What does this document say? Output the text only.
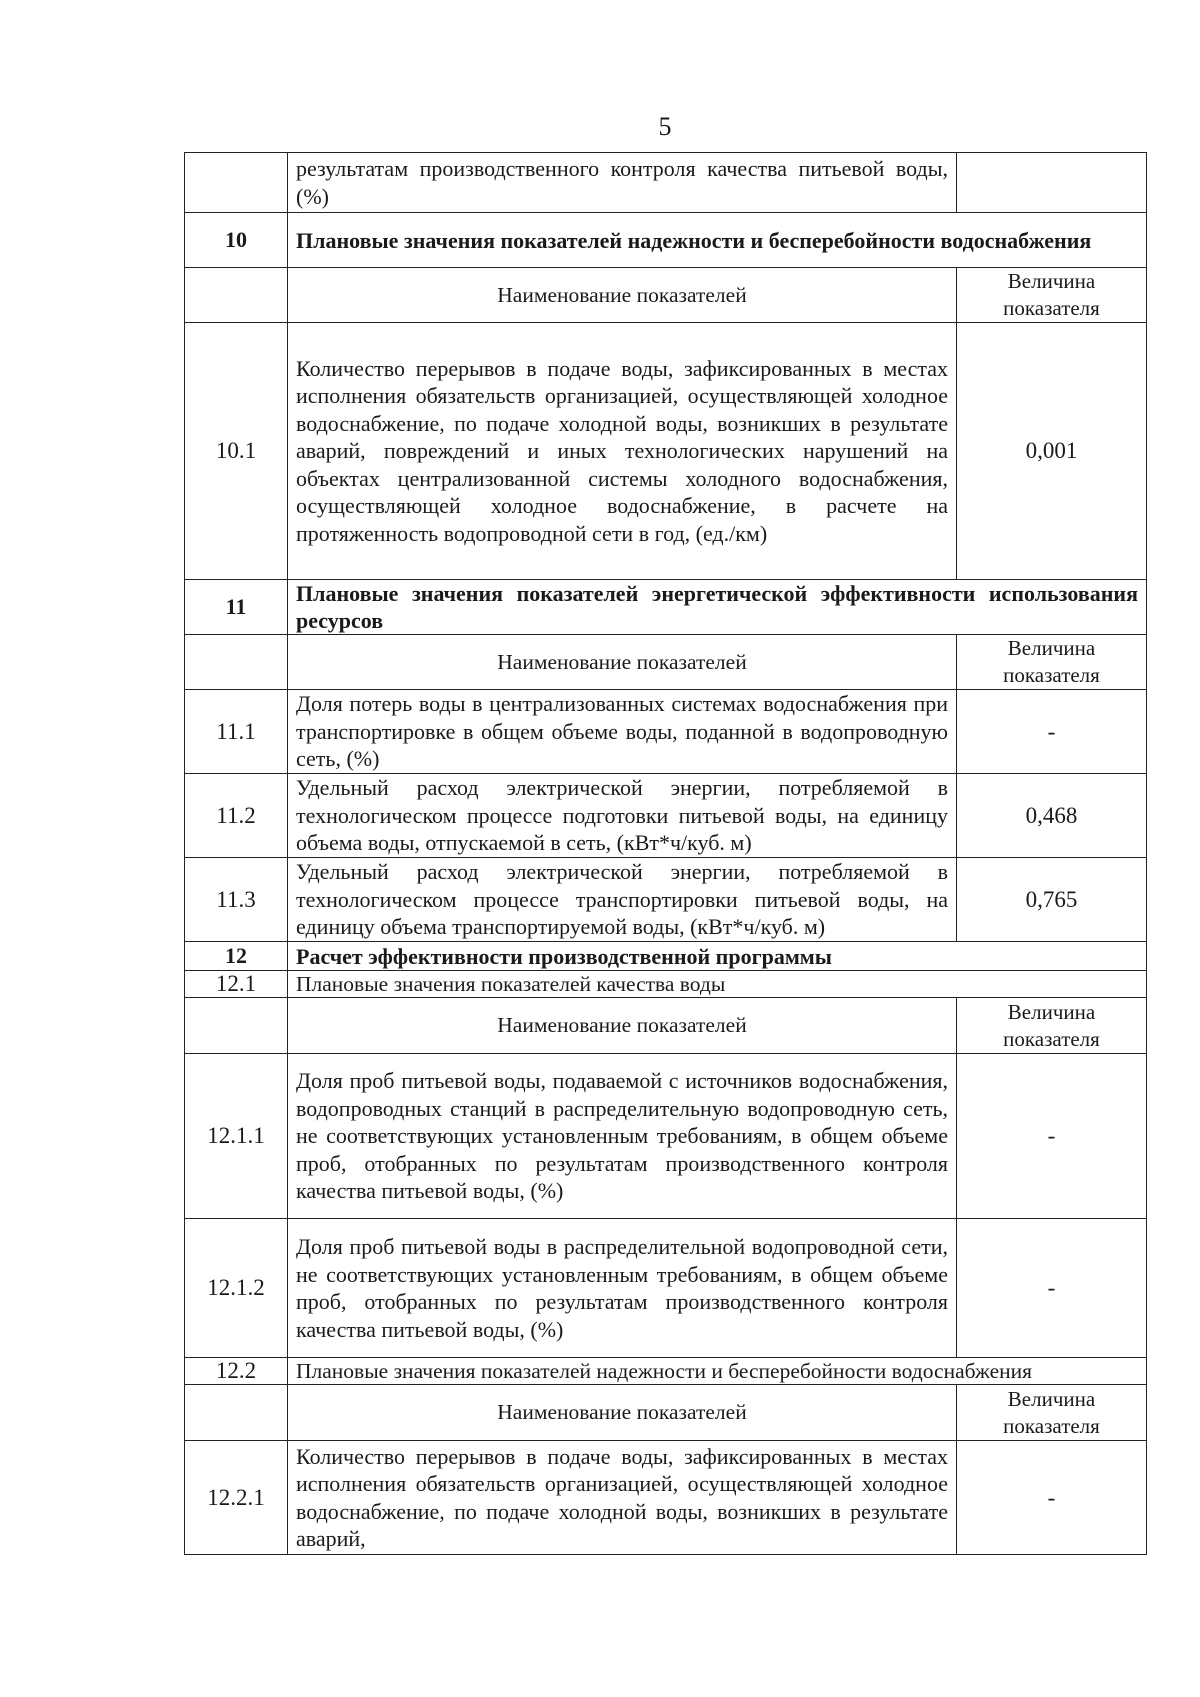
5
	результатам производственного контроля качества питьевой воды, (%)	
10	Плановые значения показателей надежности и бесперебойности водоснабжения	
	Наименование показателей	Величина показателя
10.1	Количество перерывов в подаче воды, зафиксированных в местах исполнения обязательств организацией, осуществляющей холодное водоснабжение, по подаче холодной воды, возникших в результате аварий, повреждений и иных технологических нарушений на объектах централизованной системы холодного водоснабжения, осуществляющей холодное водоснабжение, в расчете на протяженность водопроводной сети в год, (ед./км)	0,001
11	Плановые значения показателей энергетической эффективности использования ресурсов	
	Наименование показателей	Величина показателя
11.1	Доля потерь воды в централизованных системах водоснабжения при транспортировке в общем объеме воды, поданной в водопроводную сеть, (%)	-
11.2	Удельный расход электрической энергии, потребляемой в технологическом процессе подготовки питьевой воды, на единицу объема воды, отпускаемой в сеть, (кВт*ч/куб. м)	0,468
11.3	Удельный расход электрической энергии, потребляемой в технологическом процессе транспортировки питьевой воды, на единицу объема транспортируемой воды, (кВт*ч/куб. м)	0,765
12	Расчет эффективности производственной программы	
12.1	Плановые значения показателей качества воды	
	Наименование показателей	Величина показателя
12.1.1	Доля проб питьевой воды, подаваемой с источников водоснабжения, водопроводных станций в распределительную водопроводную сеть, не соответствующих установленным требованиям, в общем объеме проб, отобранных по результатам производственного контроля качества питьевой воды, (%)	-
12.1.2	Доля проб питьевой воды в распределительной водопроводной сети, не соответствующих установленным требованиям, в общем объеме проб, отобранных по результатам производственного контроля качества питьевой воды, (%)	-
12.2	Плановые значения показателей надежности и бесперебойности водоснабжения	
	Наименование показателей	Величина показателя
12.2.1	Количество перерывов в подаче воды, зафиксированных в местах исполнения обязательств организацией, осуществляющей холодное водоснабжение, по подаче холодной воды, возникших в результате аварий,	-
